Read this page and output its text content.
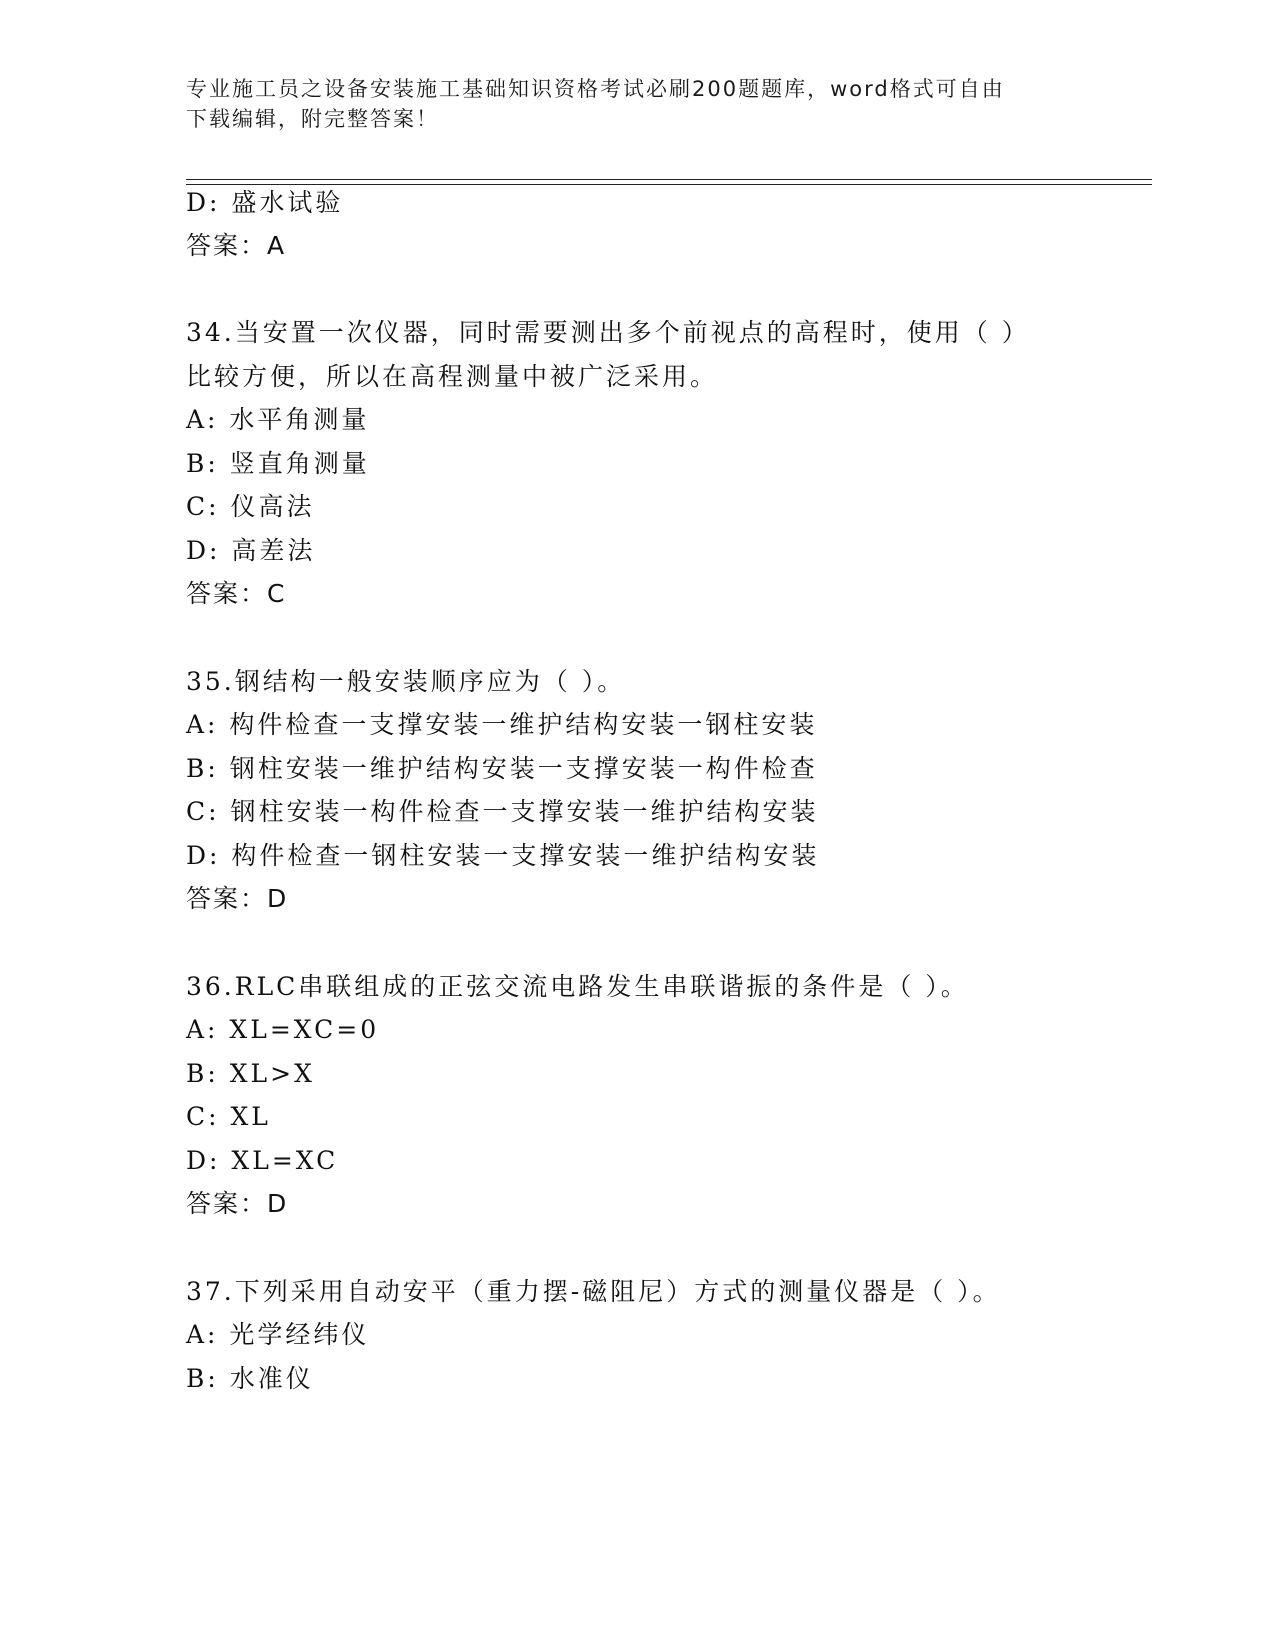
专业施工员之设备安装施工基础知识资格考试必刷200题题库，word格式可自由
下载编辑，附完整答案！
D: 盛水试验
答案：A
34.当安置一次仪器，同时需要测出多个前视点的高程时，使用（ ）
比较方便，所以在高程测量中被广泛采用。
A: 水平角测量
B: 竖直角测量
C: 仪高法
D: 高差法
答案：C
35.钢结构一般安装顺序应为（ ）。
A: 构件检查一支撑安装一维护结构安装一钢柱安装
B: 钢柱安装一维护结构安装一支撑安装一构件检查
C: 钢柱安装一构件检查一支撑安装一维护结构安装
D: 构件检查一钢柱安装一支撑安装一维护结构安装
答案：D
36.RLC串联组成的正弦交流电路发生串联谐振的条件是（ ）。
A: XL=XC=0
B: XL>X
C: XL
D: XL=XC
答案：D
37.下列采用自动安平（重力摆-磁阻尼）方式的测量仪器是（ ）。
A: 光学经纬仪
B: 水准仪
